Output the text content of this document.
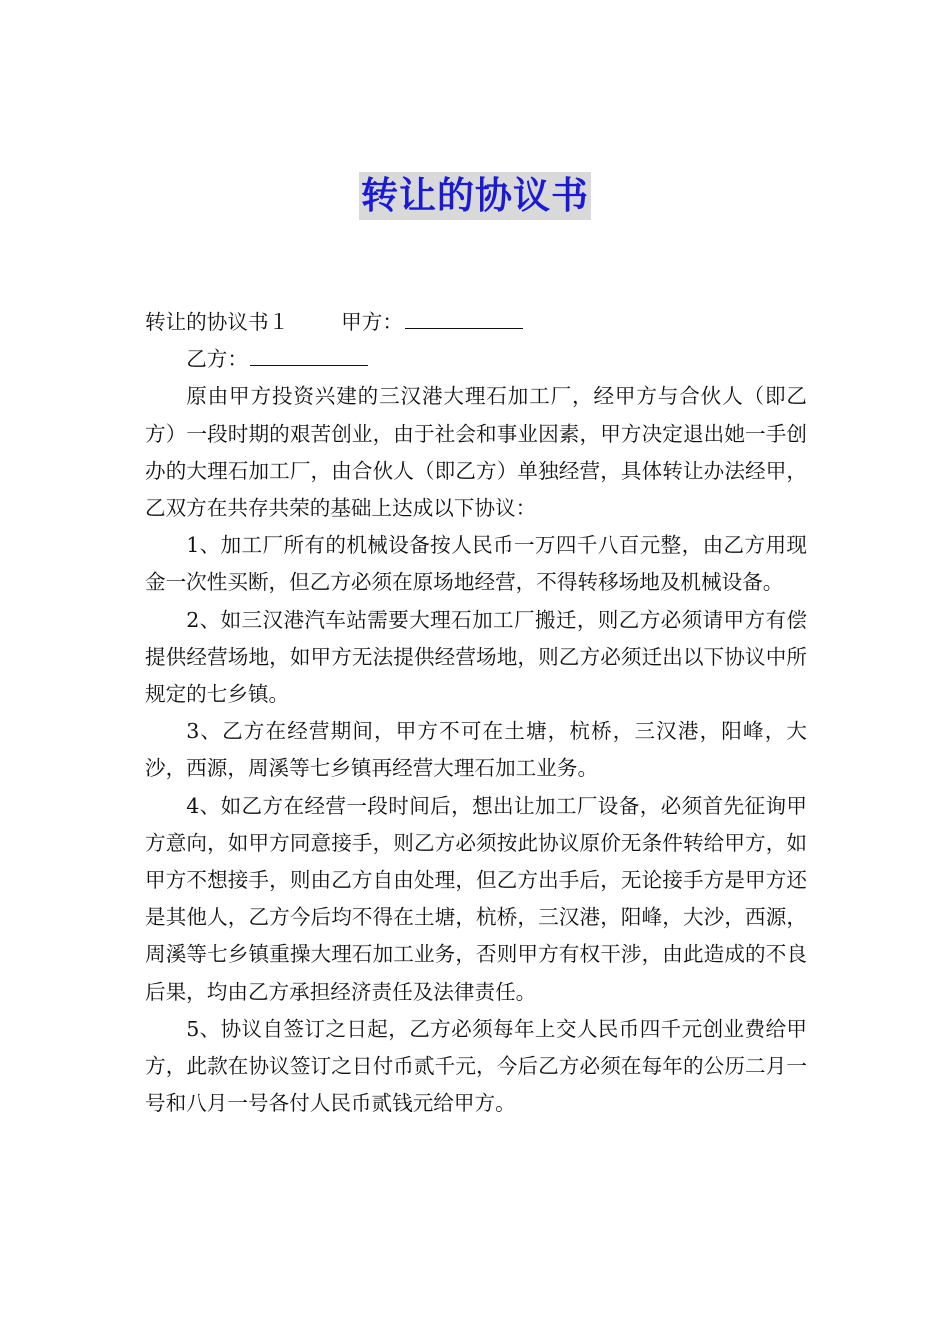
转让的协议书
转让的协议书１	甲方：
乙方：

原由甲方投资兴建的三汉港大理石加工厂，经甲方与合伙人（即乙方）一段时期的艰苦创业，由于社会和事业因素，甲方决定退出她一手创办的大理石加工厂，由合伙人（即乙方）单独经营，具体转让办法经甲，乙双方在共存共荣的基础上达成以下协议：

1、加工厂所有的机械设备按人民币一万四千八百元整，由乙方用现金一次性买断，但乙方必须在原场地经营，不得转移场地及机械设备。

2、如三汉港汽车站需要大理石加工厂搬迁，则乙方必须请甲方有偿提供经营场地，如甲方无法提供经营场地，则乙方必须迁出以下协议中所规定的七乡镇。

3、乙方在经营期间，甲方不可在土塘，杭桥，三汉港，阳峰，大沙，西源，周溪等七乡镇再经营大理石加工业务。

4、如乙方在经营一段时间后，想出让加工厂设备，必须首先征询甲方意向，如甲方同意接手，则乙方必须按此协议原价无条件转给甲方，如甲方不想接手，则由乙方自由处理，但乙方出手后，无论接手方是甲方还是其他人，乙方今后均不得在土塘，杭桥，三汉港，阳峰，大沙，西源，周溪等七乡镇重操大理石加工业务，否则甲方有权干涉，由此造成的不良后果，均由乙方承担经济责任及法律责任。

5、协议自签订之日起，乙方必须每年上交人民币四千元创业费给甲方，此款在协议签订之日付币贰千元，今后乙方必须在每年的公历二月一号和八月一号各付人民币贰钱元给甲方。
